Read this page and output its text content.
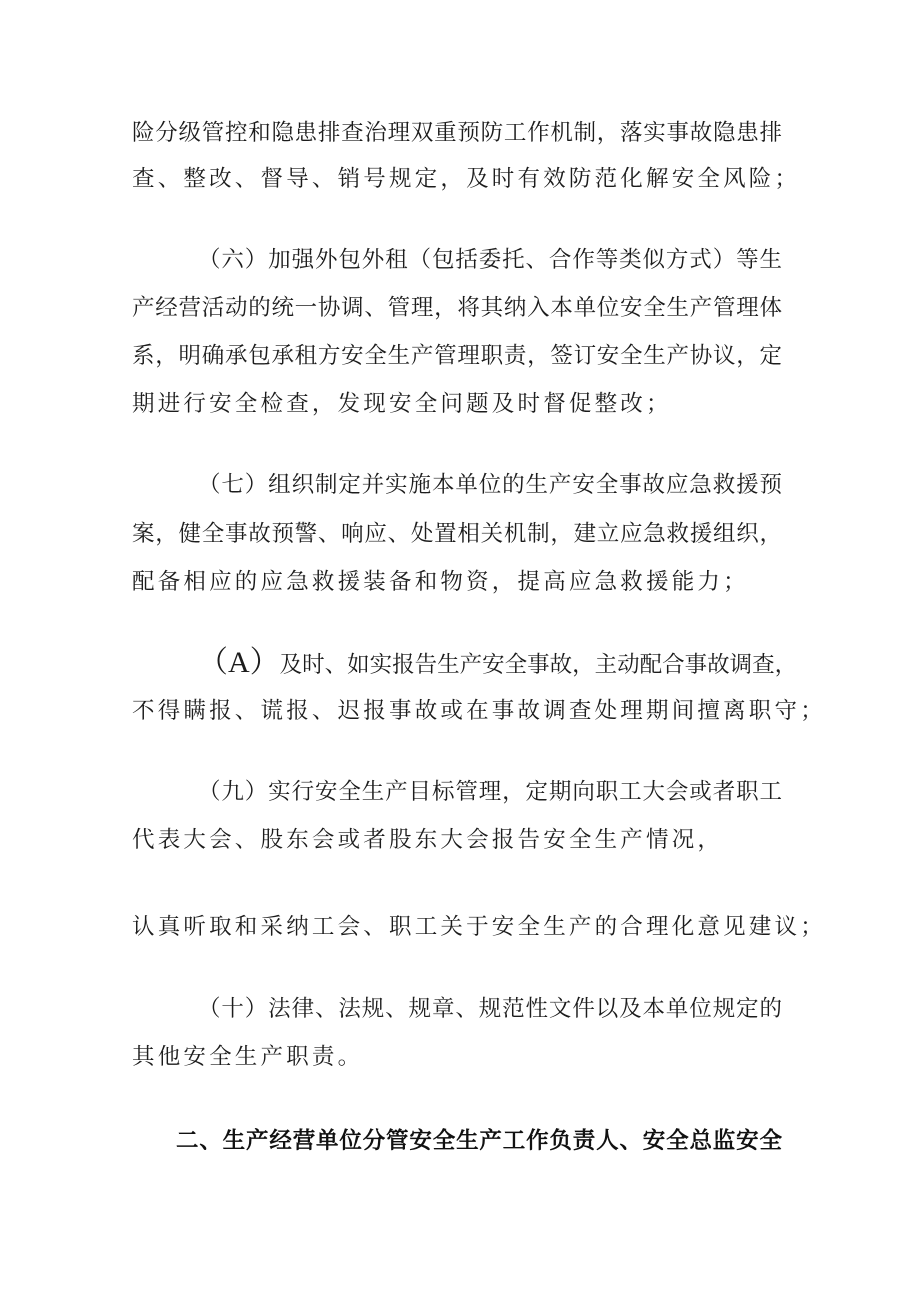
险分级管控和隐患排查治理双重预防工作机制，落实事故隐患排
查、整改、督导、销号规定，及时有效防范化解安全风险；
（六）加强外包外租（包括委托、合作等类似方式）等生
产经营活动的统一协调、管理，将其纳入本单位安全生产管理体
系，明确承包承租方安全生产管理职责，签订安全生产协议，定
期进行安全检查，发现安全问题及时督促整改；
（七）组织制定并实施本单位的生产安全事故应急救援预
案，健全事故预警、响应、处置相关机制，建立应急救援组织，
配备相应的应急救援装备和物资，提高应急救援能力；
（A）及时、如实报告生产安全事故，主动配合事故调查，
不得瞒报、谎报、迟报事故或在事故调查处理期间擅离职守；
（九）实行安全生产目标管理，定期向职工大会或者职工
代表大会、股东会或者股东大会报告安全生产情况，
认真听取和采纳工会、职工关于安全生产的合理化意见建议；
（十）法律、法规、规章、规范性文件以及本单位规定的
其他安全生产职责。
二、生产经营单位分管安全生产工作负责人、安全总监安全
